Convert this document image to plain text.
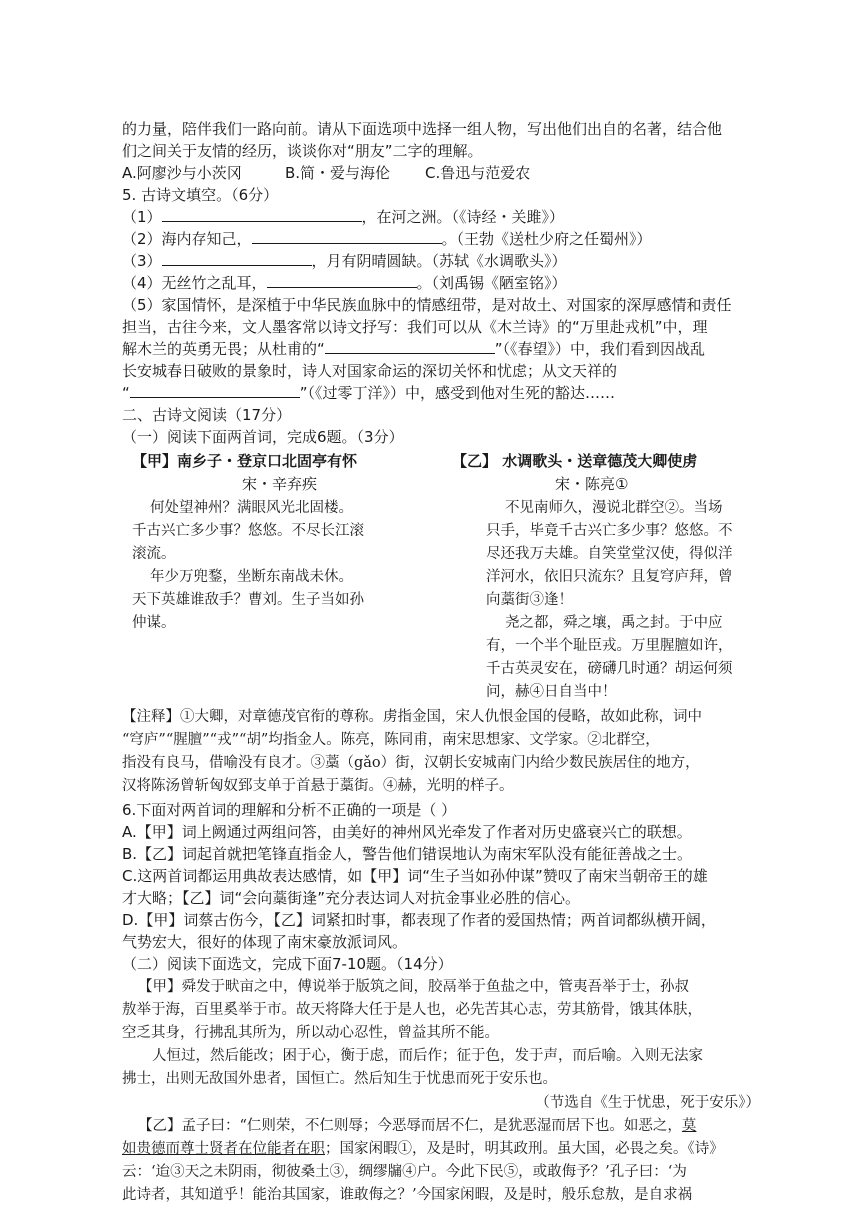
的力量，陪伴我们一路向前。请从下面选项中选择一组人物，写出他们出自的名著，结合他
们之间关于友情的经历，谈谈你对“朋友”二字的理解。
A.阿廖沙与小茨冈	B.简・爱与海伦 C.鲁迅与范爱农
5. 古诗文填空。（6分）
（1）	，在河之洲。（《诗经・关雎》）
（2）海内存知己，	。（王勃《送杜少府之任蜀州》）
（3）	，月有阴晴圆缺。（苏轼《水调歌头》）
（4）无丝竹之乱耳，	。（刘禹锡《陋室铭》）
（5）家国情怀，是深植于中华民族血脉中的情感纽带，是对故土、对国家的深厚感情和责任
担当，古往今来，文人墨客常以诗文抒写：我们可以从《木兰诗》的“万里赴戎机”中，理
解木兰的英勇无畏；从杜甫的“	”（《春望》）中，我们看到因战乱
长安城春日破败的景象时，诗人对国家命运的深切关怀和忧虑；从文天祥的
“	”（《过零丁洋》）中，感受到他对生死的豁达……
二、古诗文阅读（17分）
（一）阅读下面两首词，完成6题。（3分）
【甲】南乡子・登京口北固亭有怀
宋・辛弃疾
何处望神州？满眼风光北固楼。
千古兴亡多少事？悠悠。不尽长江滚
滚流。
年少万兜鍪，坐断东南战未休。
天下英雄谁敌手？曹刘。生子当如孙
仲谋。
【乙】 水调歌头・送章德茂大卿使虏
宋・陈亮①
不见南师久，漫说北群空②。当场
只手，毕竟千古兴亡多少事？悠悠。不
尽还我万夫雄。自笑堂堂汉使，得似洋
洋河水，依旧只流东？且复穹庐拜，曾
向藁街③逢！
尧之都，舜之壤，禹之封。于中应
有，一个半个耻臣戎。万里腥膻如许，
千古英灵安在，磅礴几时通？胡运何须
问，赫④日自当中！
【注释】①大卿，对章德茂官衔的尊称。虏指金国，宋人仇恨金国的侵略，故如此称，词中
“穹庐”“腥膻”“戎”“胡”均指金人。陈亮，陈同甫，南宋思想家、文学家。②北群空，
指没有良马，借喻没有良才。③藁（gǎo）街，汉朝长安城南门内给少数民族居住的地方，
汉将陈汤曾斩匈奴郅支单于首悬于藁街。④赫，光明的样子。
6.下面对两首词的理解和分析不正确的一项是（ ）
A.【甲】词上阙通过两组问答，由美好的神州风光牵发了作者对历史盛衰兴亡的联想。
B.【乙】词起首就把笔锋直指金人，警告他们错误地认为南宋军队没有能征善战之士。
C.这两首词都运用典故表达感情，如【甲】词“生子当如孙仲谋”赞叹了南宋当朝帝王的雄
才大略；【乙】词“会向藁街逢”充分表达词人对抗金事业必胜的信心。
D.【甲】词蔡古伤今，【乙】词紧扣时事，都表现了作者的爱国热情；两首词都纵横开阔，
气势宏大，很好的体现了南宋豪放派词风。
（二）阅读下面选文，完成下面7-10题。（14分）
【甲】舜发于畎亩之中，傅说举于版筑之间，胶鬲举于鱼盐之中，管夷吾举于士，孙叔
敖举于海，百里奚举于市。故天将降大任于是人也，必先苦其心志，劳其筋骨，饿其体肤，
空乏其身，行拂乱其所为，所以动心忍性，曾益其所不能。
人恒过，然后能改；困于心，衡于虑，而后作；征于色，发于声，而后喻。入则无法家
拂士，出则无敌国外患者，国恒亡。然后知生于忧患而死于安乐也。
（节选自《生于忧患，死于安乐》）
【乙】孟子曰：“仁则荣，不仁则辱；今恶辱而居不仁，是犹恶湿而居下也。如恶之，莫
如贵德而尊士贤者在位能者在职；国家闲暇①，及是时，明其政刑。虽大国，必畏之矣。《诗》
云：‘迨③天之未阴雨，彻彼桑土③，绸缪牖④户。今此下民⑤，或敢侮予？’孔子曰：‘为
此诗者，其知道乎！能治其国家，谁敢侮之？’今国家闲暇，及是时，般乐怠敖，是自求祸
